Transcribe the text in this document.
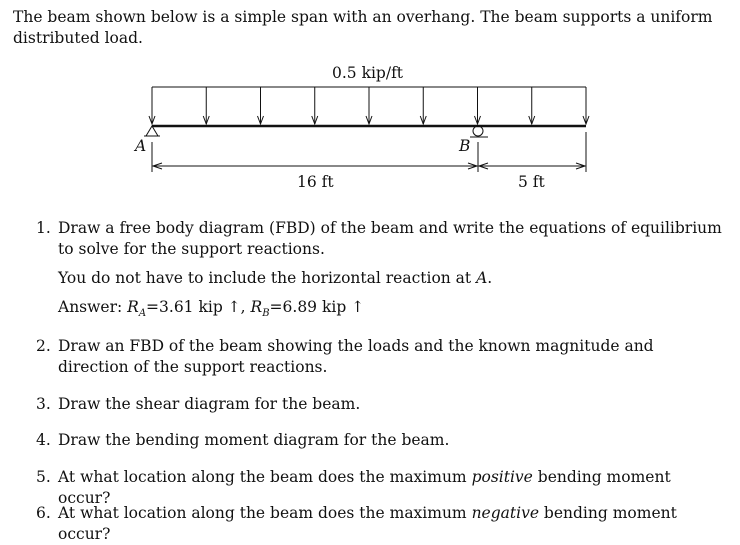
The beam shown below is a simple span with an overhang. The beam supports a uniform distributed load.
0.5 kip/ft
A	B
16 ft	5 ft
1. Draw a free body diagram (FBD) of the beam and write the equations of equilibrium to solve for the support reactions.
You do not have to include the horizontal reaction at A.
Answer: $R_A=3.61$ kip ↑, $R_B=6.89$ kip ↑
2. Draw an FBD of the beam showing the loads and the known magnitude and direction of the support reactions.
3. Draw the shear diagram for the beam.
4. Draw the bending moment diagram for the beam.
5. At what location along the beam does the maximum positive bending moment occur?
6. At what location along the beam does the maximum negative bending moment occur?
